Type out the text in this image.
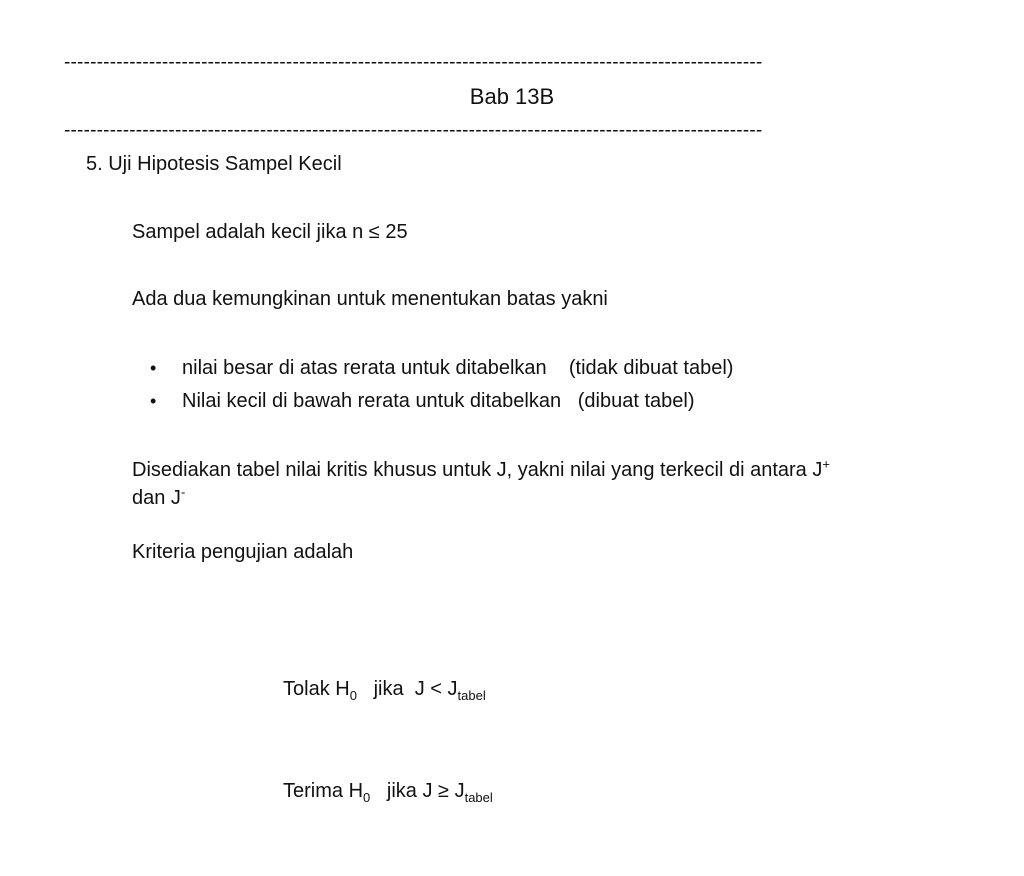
-----------------------------------------------------------------------------------------------------------
Bab 13B
-----------------------------------------------------------------------------------------------------------
5. Uji Hipotesis Sampel Kecil
Sampel adalah kecil jika n ≤ 25
Ada dua kemungkinan untuk menentukan batas yakni
•	nilai besar di atas rerata untuk ditabelkan    (tidak dibuat tabel)
•	Nilai kecil di bawah rerata untuk ditabelkan   (dibuat tabel)
Disediakan tabel nilai kritis khusus untuk J, yakni nilai yang terkecil di antara J+
dan J-
Kriteria pengujian adalah

Tolak $H_0$   jika  $J < J_{tabel}$

Terima $H_0$   jika $J \ge J_{tabel}$
